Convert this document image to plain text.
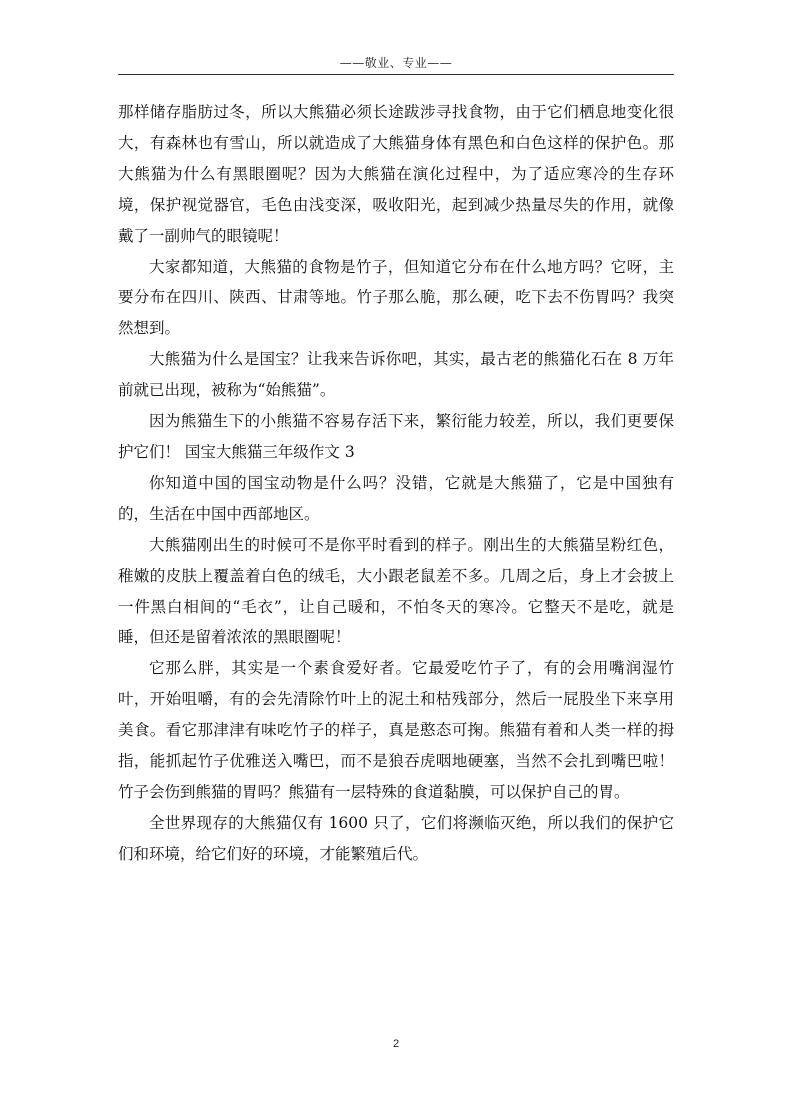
——敬业、专业——

那样储存脂肪过冬，所以大熊猫必须长途跋涉寻找食物，由于它们栖息地变化很大，有森林也有雪山，所以就造成了大熊猫身体有黑色和白色这样的保护色。那大熊猫为什么有黑眼圈呢？因为大熊猫在演化过程中，为了适应寒冷的生存环境，保护视觉器官，毛色由浅变深，吸收阳光，起到减少热量尽失的作用，就像戴了一副帅气的眼镜呢！

大家都知道，大熊猫的食物是竹子，但知道它分布在什么地方吗？它呀，主要分布在四川、陕西、甘肃等地。竹子那么脆，那么硬，吃下去不伤胃吗？我突然想到。

大熊猫为什么是国宝？让我来告诉你吧，其实，最古老的熊猫化石在 8 万年前就已出现，被称为“始熊猫”。

因为熊猫生下的小熊猫不容易存活下来，繁衍能力较差，所以，我们更要保护它们！ 国宝大熊猫三年级作文 3

你知道中国的国宝动物是什么吗？没错，它就是大熊猫了，它是中国独有的，生活在中国中西部地区。

大熊猫刚出生的时候可不是你平时看到的样子。刚出生的大熊猫呈粉红色，稚嫩的皮肤上覆盖着白色的绒毛，大小跟老鼠差不多。几周之后，身上才会披上一件黑白相间的“毛衣”，让自己暖和，不怕冬天的寒冷。它整天不是吃，就是睡，但还是留着浓浓的黑眼圈呢！

它那么胖，其实是一个素食爱好者。它最爱吃竹子了，有的会用嘴润湿竹叶，开始咀嚼，有的会先清除竹叶上的泥土和枯残部分，然后一屁股坐下来享用美食。看它那津津有味吃竹子的样子，真是憨态可掬。熊猫有着和人类一样的拇指，能抓起竹子优雅送入嘴巴，而不是狼吞虎咽地硬塞，当然不会扎到嘴巴啦！竹子会伤到熊猫的胃吗？熊猫有一层特殊的食道黏膜，可以保护自己的胃。

全世界现存的大熊猫仅有 1600 只了，它们将濒临灭绝，所以我们的保护它们和环境，给它们好的环境，才能繁殖后代。

2
